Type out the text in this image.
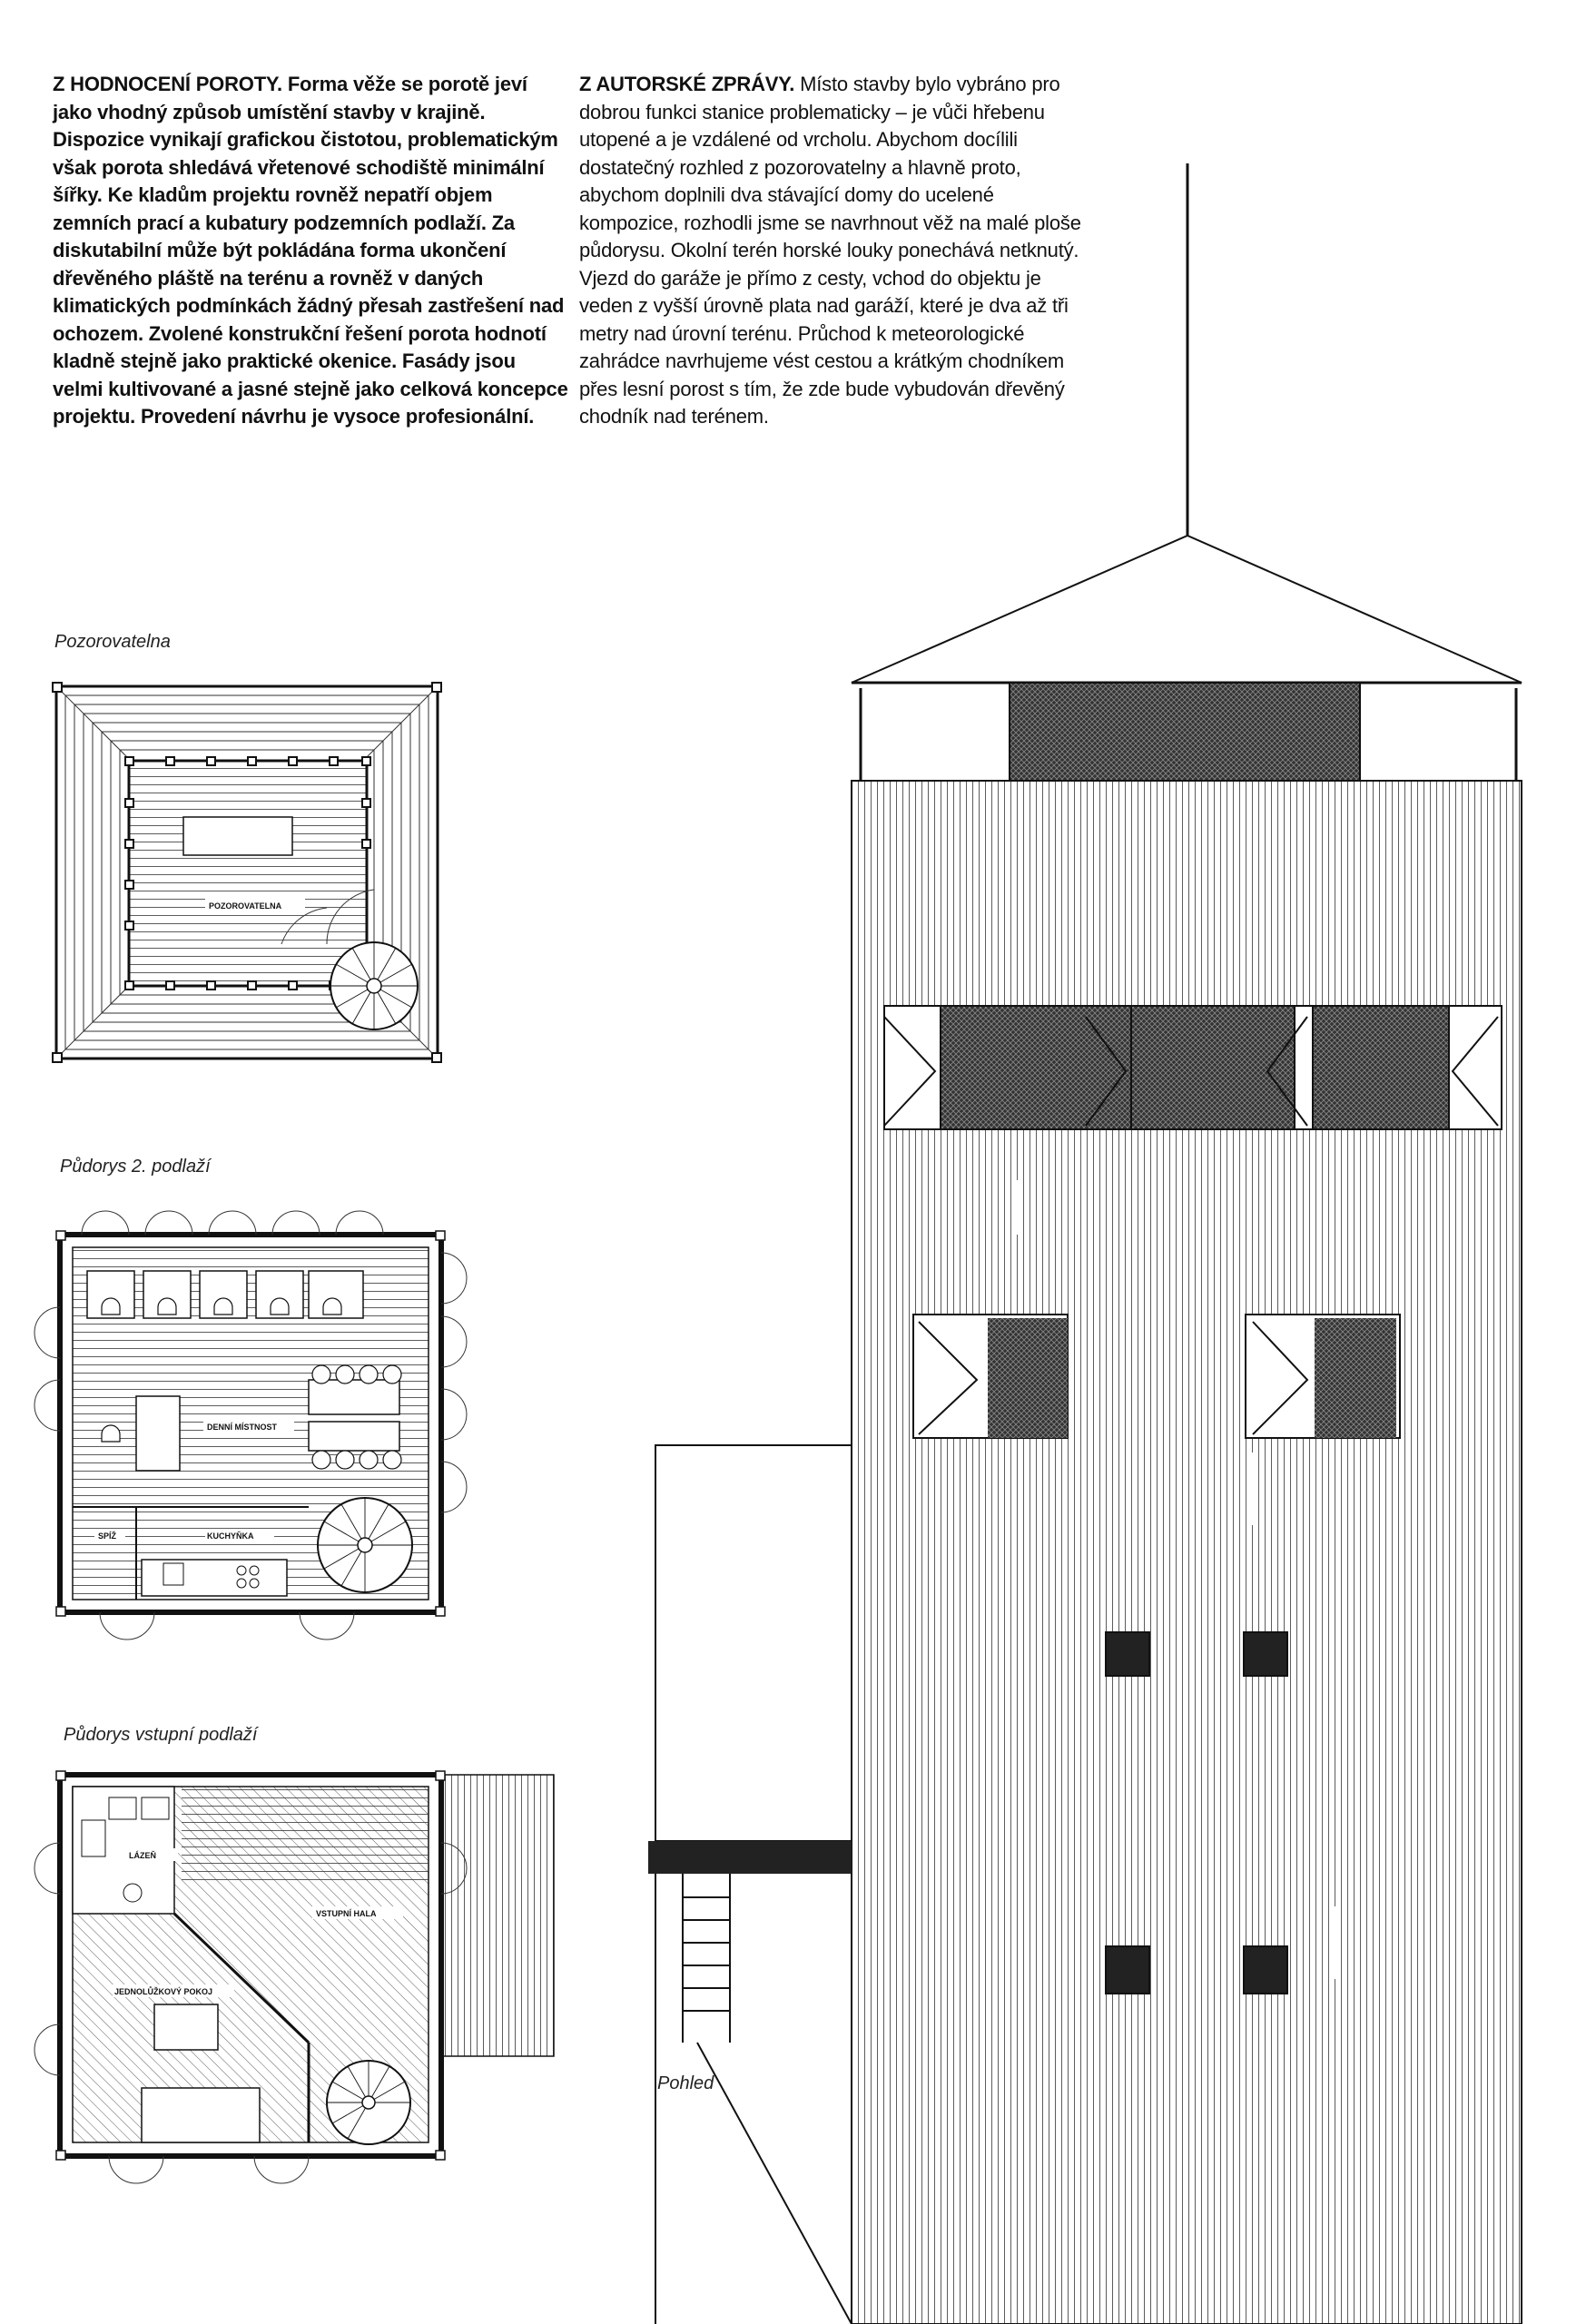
Z HODNOCENÍ POROTY. Forma věže se porotě jeví jako vhodný způsob umístění stavby v krajině. Dispozice vynikají grafickou čistotou, problematickým však porota shledává vřetenové schodiště minimální šířky. Ke kladům projektu rovněž nepatří objem zemních prací a kubatury podzemních podlaží. Za diskutabilní může být pokládána forma ukončení dřevěného pláště na terénu a rovněž v daných klimatických podmínkách žádný přesah zastřešení nad ochozem. Zvolené konstrukční řešení porota hodnotí kladně stejně jako praktické okenice. Fasády jsou velmi kultivované a jasné stejně jako celková koncepce projektu. Provedení návrhu je vysoce profesionální.
Z AUTORSKÉ ZPRÁVY. Místo stavby bylo vybráno pro dobrou funkci stanice problematicky – je vůči hřebenu utopené a je vzdálené od vrcholu. Abychom docílili dostatečný rozhled z pozorovatelny a hlavně proto, abychom doplnili dva stávající domy do ucelené kompozice, rozhodli jsme se navrhnout věž na malé ploše půdorysu. Okolní terén horské louky ponechává netknutý. Vjezd do garáže je přímo z cesty, vchod do objektu je veden z vyšší úrovně plata nad garáží, které je dva až tři metry nad úrovní terénu. Průchod k meteorologické zahrádce navrhujeme vést cestou a krátkým chodníkem přes lesní porost s tím, že zde bude vybudován dřevěný chodník nad terénem.
Pozorovatelna
Půdorys 2. podlaží
Půdorys vstupní podlaží
POZOROVATELNA
DENNÍ MÍSTNOST
SPÍŽ	KUCHYŇKA
LÁZEŇ
VSTUPNÍ HALA
JEDNOLŮŽKOVÝ POKOJ
Pohled
